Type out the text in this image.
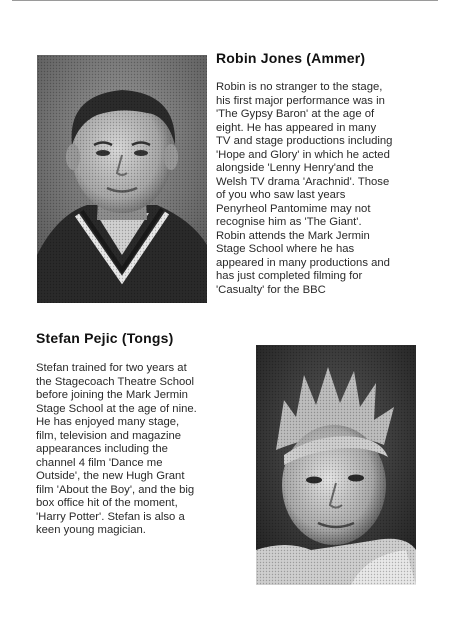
Robin Jones (Ammer)
Robin is no stranger to the stage,
his first major performance was in
'The Gypsy Baron' at the age of
eight. He has appeared in many
TV and stage productions including
'Hope and Glory' in which he acted
alongside 'Lenny Henry'and the
Welsh TV drama 'Arachnid'. Those
of you who saw last years
Penyrheol Pantomime may not
recognise him as 'The Giant'.
Robin attends the Mark Jermin
Stage School where he has
appeared in many productions and
has just completed filming for
'Casualty' for the BBC
Stefan Pejic (Tongs)
Stefan trained for two years at
the Stagecoach Theatre School
before joining the Mark Jermin
Stage School at the age of nine.
He has enjoyed many stage,
film, television and magazine
appearances including the
channel 4 film 'Dance me
Outside', the new Hugh Grant
film 'About the Boy', and the big
box office hit of the moment,
'Harry Potter'. Stefan is also a
keen young magician.
